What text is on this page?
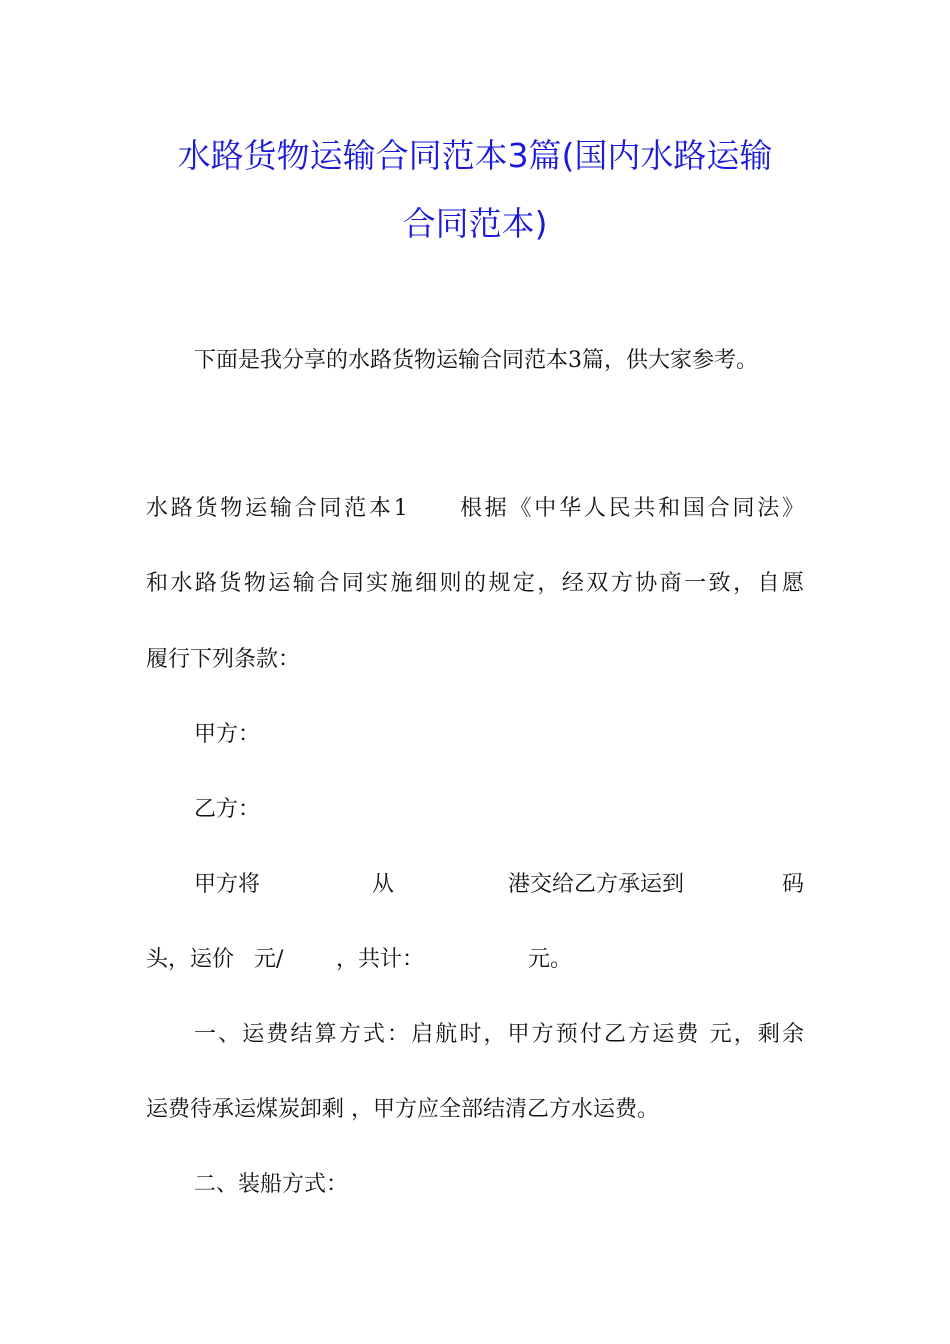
水路货物运输合同范本3篇(国内水路运输
合同范本)
下面是我分享的水路货物运输合同范本3篇，供大家参考。
水路货物运输合同范本1　　根据《中华人民共和国合同法》
和水路货物运输合同实施细则的规定，经双方协商一致，自愿
履行下列条款：
甲方：
乙方：
甲方将	从	港交给乙方承运到	码
头，运价 元/ ，共计：	元。
一、运费结算方式：启航时，甲方预付乙方运费 元，剩余
运费待承运煤炭卸剩 ，甲方应全部结清乙方水运费。
二、装船方式：
